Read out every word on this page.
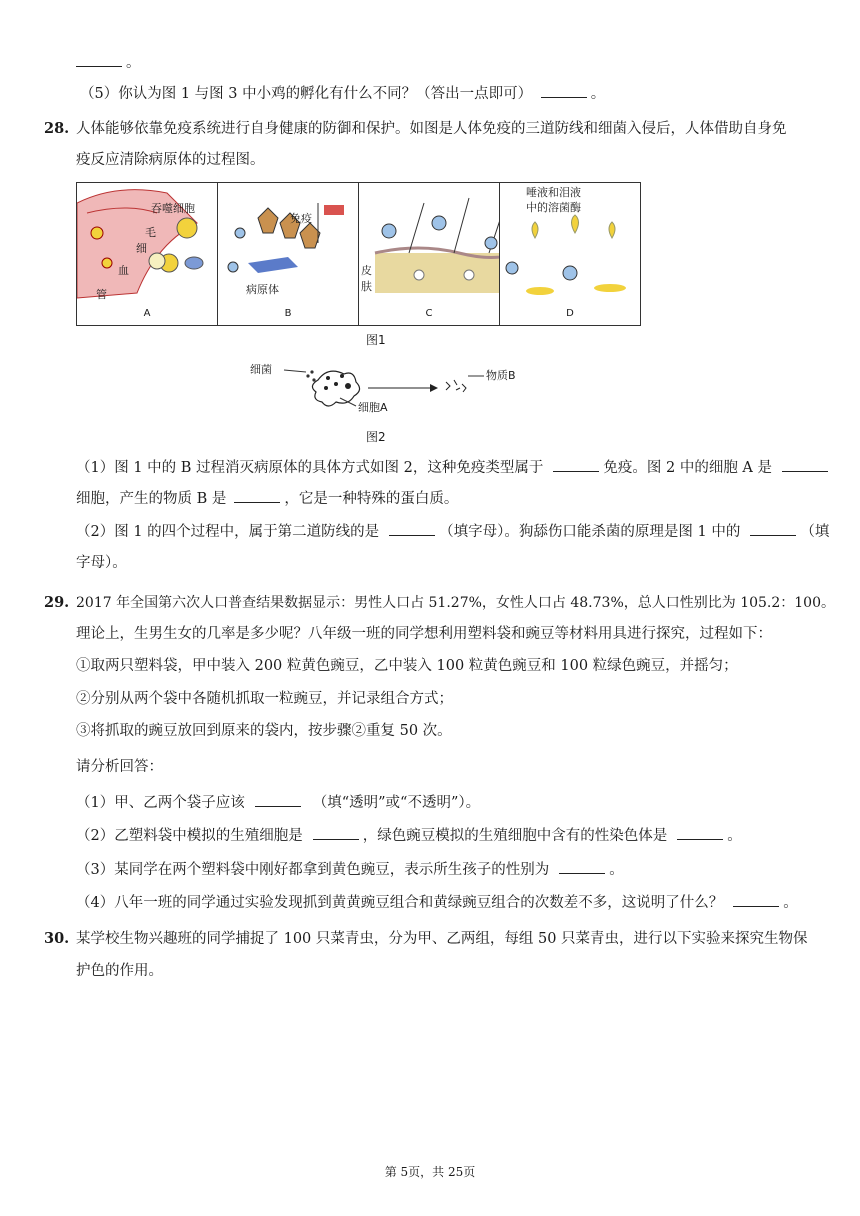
。
（5）你认为图 1 与图 3 中小鸡的孵化有什么不同？（答出一点即可）	。
28. 人体能够依靠免疫系统进行自身健康的防御和保护。如图是人体免疫的三道防线和细菌入侵后，人体借助自身免
疫反应清除病原体的过程图。
吞噬细胞
毛
细
血
管
A
免疫
病原体
B
皮
肤
C
唾液和泪液
中的溶菌酶
D
图1
细菌
细胞A
物质B
图2
（1）图 1 中的 B 过程消灭病原体的具体方式如图 2，这种免疫类型属于	免疫。图 2 中的细胞 A 是
细胞，产生的物质 B 是	，它是一种特殊的蛋白质。
（2）图 1 的四个过程中，属于第二道防线的是	（填字母）。狗舔伤口能杀菌的原理是图 1 中的	（填
字母）。
29. 2017 年全国第六次人口普查结果数据显示：男性人口占 51.27%，女性人口占 48.73%，总人口性别比为 105.2：100。
理论上，生男生女的几率是多少呢？八年级一班的同学想利用塑料袋和豌豆等材料用具进行探究，过程如下：
①取两只塑料袋，甲中装入 200 粒黄色豌豆，乙中装入 100 粒黄色豌豆和 100 粒绿色豌豆，并摇匀；
②分别从两个袋中各随机抓取一粒豌豆，并记录组合方式；
③将抓取的豌豆放回到原来的袋内，按步骤②重复 50 次。
请分析回答：
（1）甲、乙两个袋子应该	（填“透明”或“不透明”）。
（2）乙塑料袋中模拟的生殖细胞是	，绿色豌豆模拟的生殖细胞中含有的性染色体是	。
（3）某同学在两个塑料袋中刚好都拿到黄色豌豆，表示所生孩子的性别为	。
（4）八年一班的同学通过实验发现抓到黄黄豌豆组合和黄绿豌豆组合的次数差不多，这说明了什么？	。
30. 某学校生物兴趣班的同学捕捉了 100 只菜青虫，分为甲、乙两组，每组 50 只菜青虫，进行以下实验来探究生物保
护色的作用。
第 5页，共 25页
